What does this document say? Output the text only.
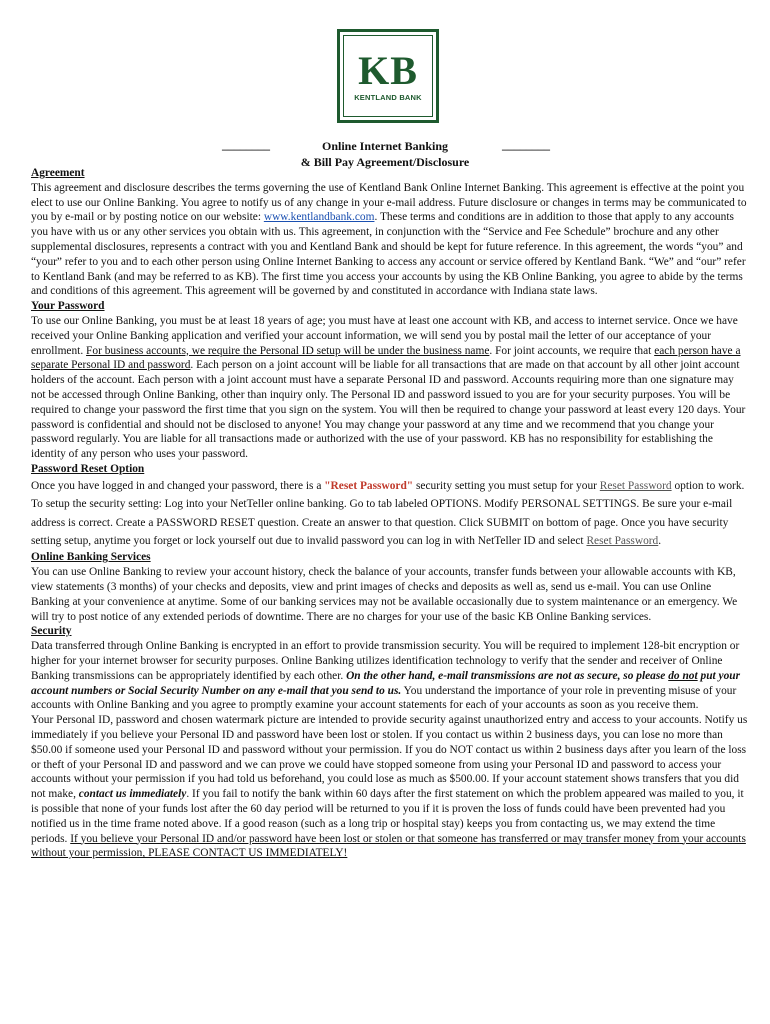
KB
KENTLAND BANK
________	________
Online Internet Banking
& Bill Pay Agreement/Disclosure
Agreement

This agreement and disclosure describes the terms governing the use of Kentland Bank Online Internet Banking. This agreement is effective at the point you elect to use our Online Banking. You agree to notify us of any change in your e-mail address. Future disclosure or changes in terms may be communicated to you by e-mail or by posting notice on our website: www.kentlandbank.com. These terms and conditions are in addition to those that apply to any accounts you have with us or any other services you obtain with us. This agreement, in conjunction with the “Service and Fee Schedule” brochure and any other supplemental disclosures, represents a contract with you and Kentland Bank and should be kept for future reference. In this agreement, the words “you” and “your” refer to you and to each other person using Online Internet Banking to access any account or service offered by Kentland Bank. “We” and “our” refer to Kentland Bank (and may be referred to as KB). The first time you access your accounts by using the KB Online Banking, you agree to abide by the terms and conditions of this agreement. This agreement will be governed by and constituted in accordance with Indiana state laws.

Your Password

To use our Online Banking, you must be at least 18 years of age; you must have at least one account with KB, and access to internet service. Once we have received your Online Banking application and verified your account information, we will send you by postal mail the letter of our acceptance of your enrollment. For business accounts, we require the Personal ID setup will be under the business name. For joint accounts, we require that each person have a separate Personal ID and password. Each person on a joint account will be liable for all transactions that are made on that account by all other joint account holders of the account. Each person with a joint account must have a separate Personal ID and password. Accounts requiring more than one signature may not be accessed through Online Banking, other than inquiry only. The Personal ID and password issued to you are for your security purposes. You will be required to change your password the first time that you sign on the system. You will then be required to change your password at least every 120 days. Your password is confidential and should not be disclosed to anyone! You may change your password at any time and we recommend that you change your password regularly. You are liable for all transactions made or authorized with the use of your password. KB has no responsibility for establishing the identity of any person who uses your password.

Password Reset Option

Once you have logged in and changed your password, there is a "Reset Password" security setting you must setup for your Reset Password option to work. To setup the security setting: Log into your NetTeller online banking. Go to tab labeled OPTIONS. Modify PERSONAL SETTINGS. Be sure your e-mail address is correct. Create a PASSWORD RESET question. Create an answer to that question. Click SUBMIT on bottom of page. Once you have security setting setup, anytime you forget or lock yourself out due to invalid password you can log in with NetTeller ID and select Reset Password.

Online Banking Services

You can use Online Banking to review your account history, check the balance of your accounts, transfer funds between your allowable accounts with KB, view statements (3 months) of your checks and deposits, view and print images of checks and deposits as well as, send us e-mail. You can use Online Banking at your convenience at anytime. Some of our banking services may not be available occasionally due to system maintenance or an emergency. We will try to post notice of any extended periods of downtime. There are no charges for your use of the basic KB Online Banking services.

Security

Data transferred through Online Banking is encrypted in an effort to provide transmission security. You will be required to implement 128-bit encryption or higher for your internet browser for security purposes. Online Banking utilizes identification technology to verify that the sender and receiver of Online Banking transmissions can be appropriately identified by each other. On the other hand, e-mail transmissions are not as secure, so please do not put your account numbers or Social Security Number on any e-mail that you send to us. You understand the importance of your role in preventing misuse of your accounts with Online Banking and you agree to promptly examine your account statements for each of your accounts as soon as you receive them.

Your Personal ID, password and chosen watermark picture are intended to provide security against unauthorized entry and access to your accounts. Notify us immediately if you believe your Personal ID and password have been lost or stolen. If you contact us within 2 business days, you can lose no more than $50.00 if someone used your Personal ID and password without your permission. If you do NOT contact us within 2 business days after you learn of the loss or theft of your Personal ID and password and we can prove we could have stopped someone from using your Personal ID and password to access your accounts without your permission if you had told us beforehand, you could lose as much as $500.00. If your account statement shows transfers that you did not make, contact us immediately. If you fail to notify the bank within 60 days after the first statement on which the problem appeared was mailed to you, it is possible that none of your funds lost after the 60 day period will be returned to you if it is proven the loss of funds could have been prevented had you notified us in the time frame noted above. If a good reason (such as a long trip or hospital stay) keeps you from contacting us, we may extend the time periods. If you believe your Personal ID and/or password have been lost or stolen or that someone has transferred or may transfer money from your accounts without your permission, PLEASE CONTACT US IMMEDIATELY!
